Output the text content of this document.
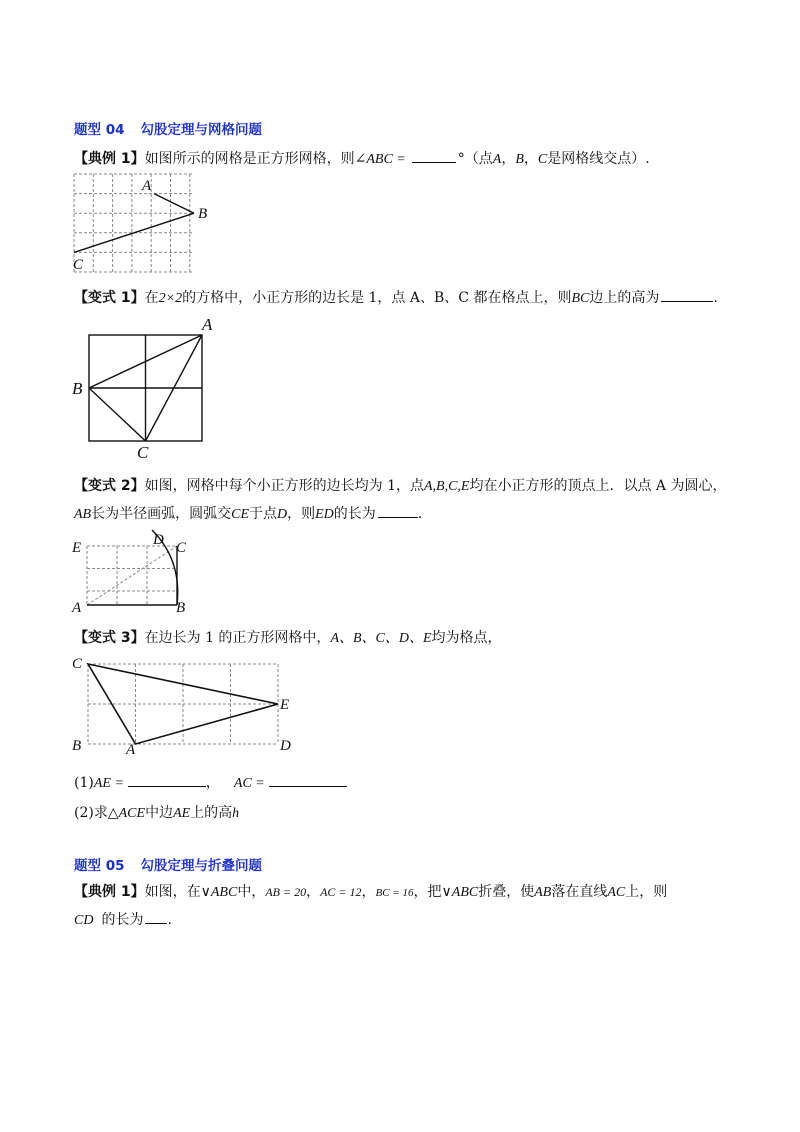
题型 04 勾股定理与网格问题
【典例 1】如图所示的网格是正方形网格，则∠ABC =	°（点A，B，C是网格线交点）.
A
B
C
【变式 1】在2×2的方格中，小正方形的边长是 1，点 A、B、C 都在格点上，则BC边上的高为	.
A
B
C
【变式 2】如图，网格中每个小正方形的边长均为 1，点A,B,C,E均在小正方形的顶点上．以点 A 为圆心，
AB长为半径画弧，圆弧交CE于点D，则ED的长为	.
E	D C
A	B
【变式 3】在边长为 1 的正方形网格中，A、B、C、D、E均为格点，
C
E
B	A	D
(1)AE =	， AC =
(2)求△ACE中边AE上的高h
题型 05 勾股定理与折叠问题
【典例 1】如图，在∨ABC中，AB = 20，AC = 12，BC = 16，把∨ABC折叠，使AB落在直线AC上，则
CD 的长为 .
